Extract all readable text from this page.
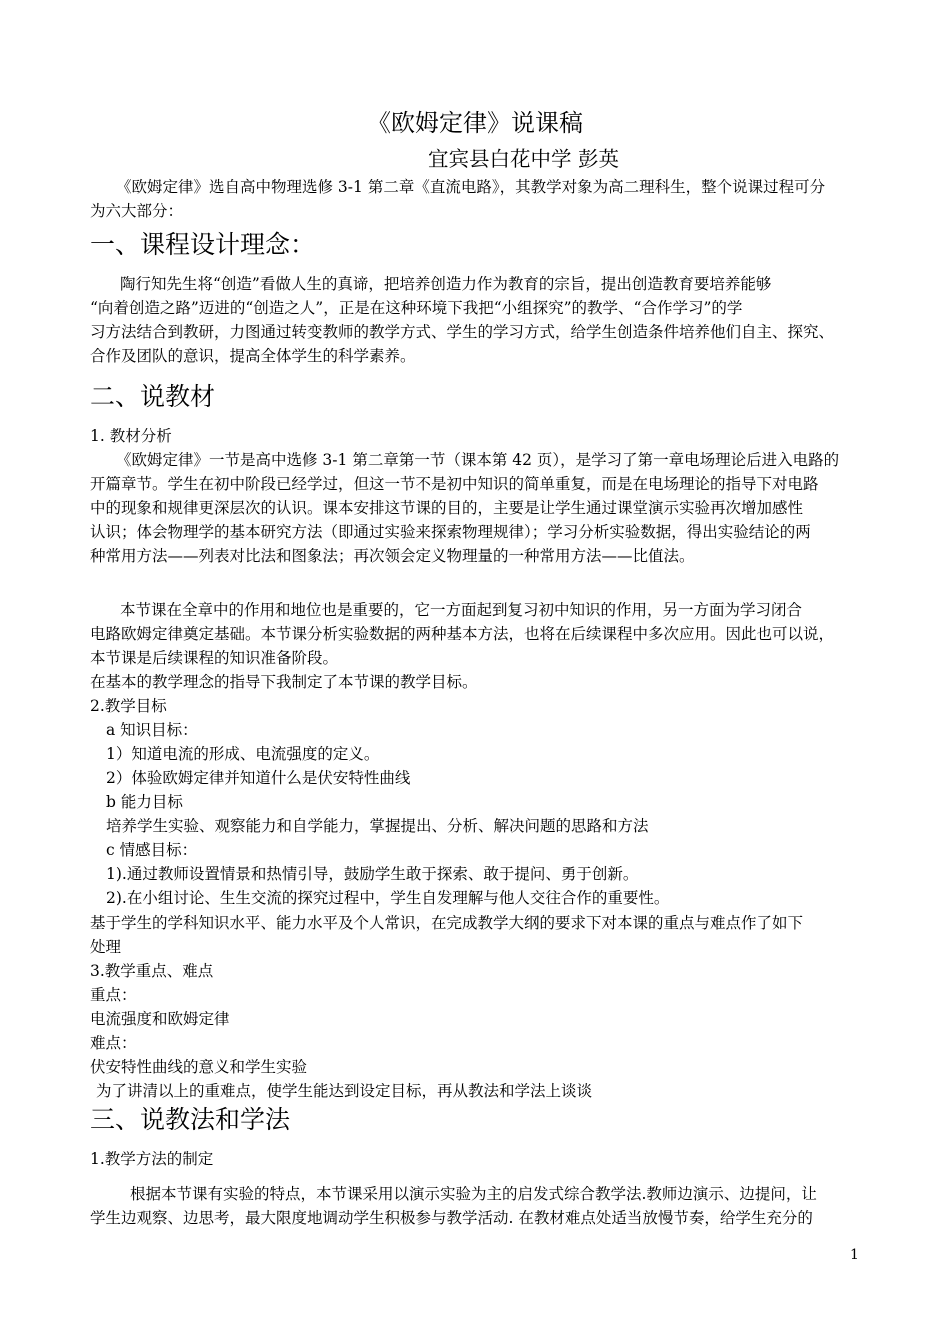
《欧姆定律》说课稿
宜宾县白花中学 彭英
《欧姆定律》选自高中物理选修 3-1 第二章《直流电路》，其教学对象为高二理科生，整个说课过程可分
为六大部分：
一、课程设计理念：
陶行知先生将“创造”看做人生的真谛，把培养创造力作为教育的宗旨，提出创造教育要培养能够
“向着创造之路”迈进的“创造之人”，正是在这种环境下我把“小组探究”的教学、“合作学习”的学
习方法结合到教研，力图通过转变教师的教学方式、学生的学习方式，给学生创造条件培养他们自主、探究、
合作及团队的意识，提高全体学生的科学素养。
二、说教材
1. 教材分析
《欧姆定律》一节是高中选修 3-1 第二章第一节（课本第 42 页），是学习了第一章电场理论后进入电路的
开篇章节。学生在初中阶段已经学过，但这一节不是初中知识的简单重复，而是在电场理论的指导下对电路
中的现象和规律更深层次的认识。课本安排这节课的目的，主要是让学生通过课堂演示实验再次增加感性
认识；体会物理学的基本研究方法（即通过实验来探索物理规律）；学习分析实验数据，得出实验结论的两
种常用方法——列表对比法和图象法；再次领会定义物理量的一种常用方法——比值法。
本节课在全章中的作用和地位也是重要的，它一方面起到复习初中知识的作用，另一方面为学习闭合
电路欧姆定律奠定基础。本节课分析实验数据的两种基本方法，也将在后续课程中多次应用。因此也可以说，
本节课是后续课程的知识准备阶段。
在基本的教学理念的指导下我制定了本节课的教学目标。
2.教学目标
a 知识目标：
1）知道电流的形成、电流强度的定义。
2）体验欧姆定律并知道什么是伏安特性曲线
b 能力目标
培养学生实验、观察能力和自学能力，掌握提出、分析、解决问题的思路和方法
c 情感目标：
1).通过教师设置情景和热情引导，鼓励学生敢于探索、敢于提问、勇于创新。
2).在小组讨论、生生交流的探究过程中，学生自发理解与他人交往合作的重要性。
基于学生的学科知识水平、能力水平及个人常识，在完成教学大纲的要求下对本课的重点与难点作了如下
处理
3.教学重点、难点
重点：
电流强度和欧姆定律
难点：
伏安特性曲线的意义和学生实验
为了讲清以上的重难点，使学生能达到设定目标，再从教法和学法上谈谈
三、说教法和学法
1.教学方法的制定
根据本节课有实验的特点，本节课采用以演示实验为主的启发式综合教学法.教师边演示、边提问，让
学生边观察、边思考，最大限度地调动学生积极参与教学活动. 在教材难点处适当放慢节奏，给学生充分的
1
